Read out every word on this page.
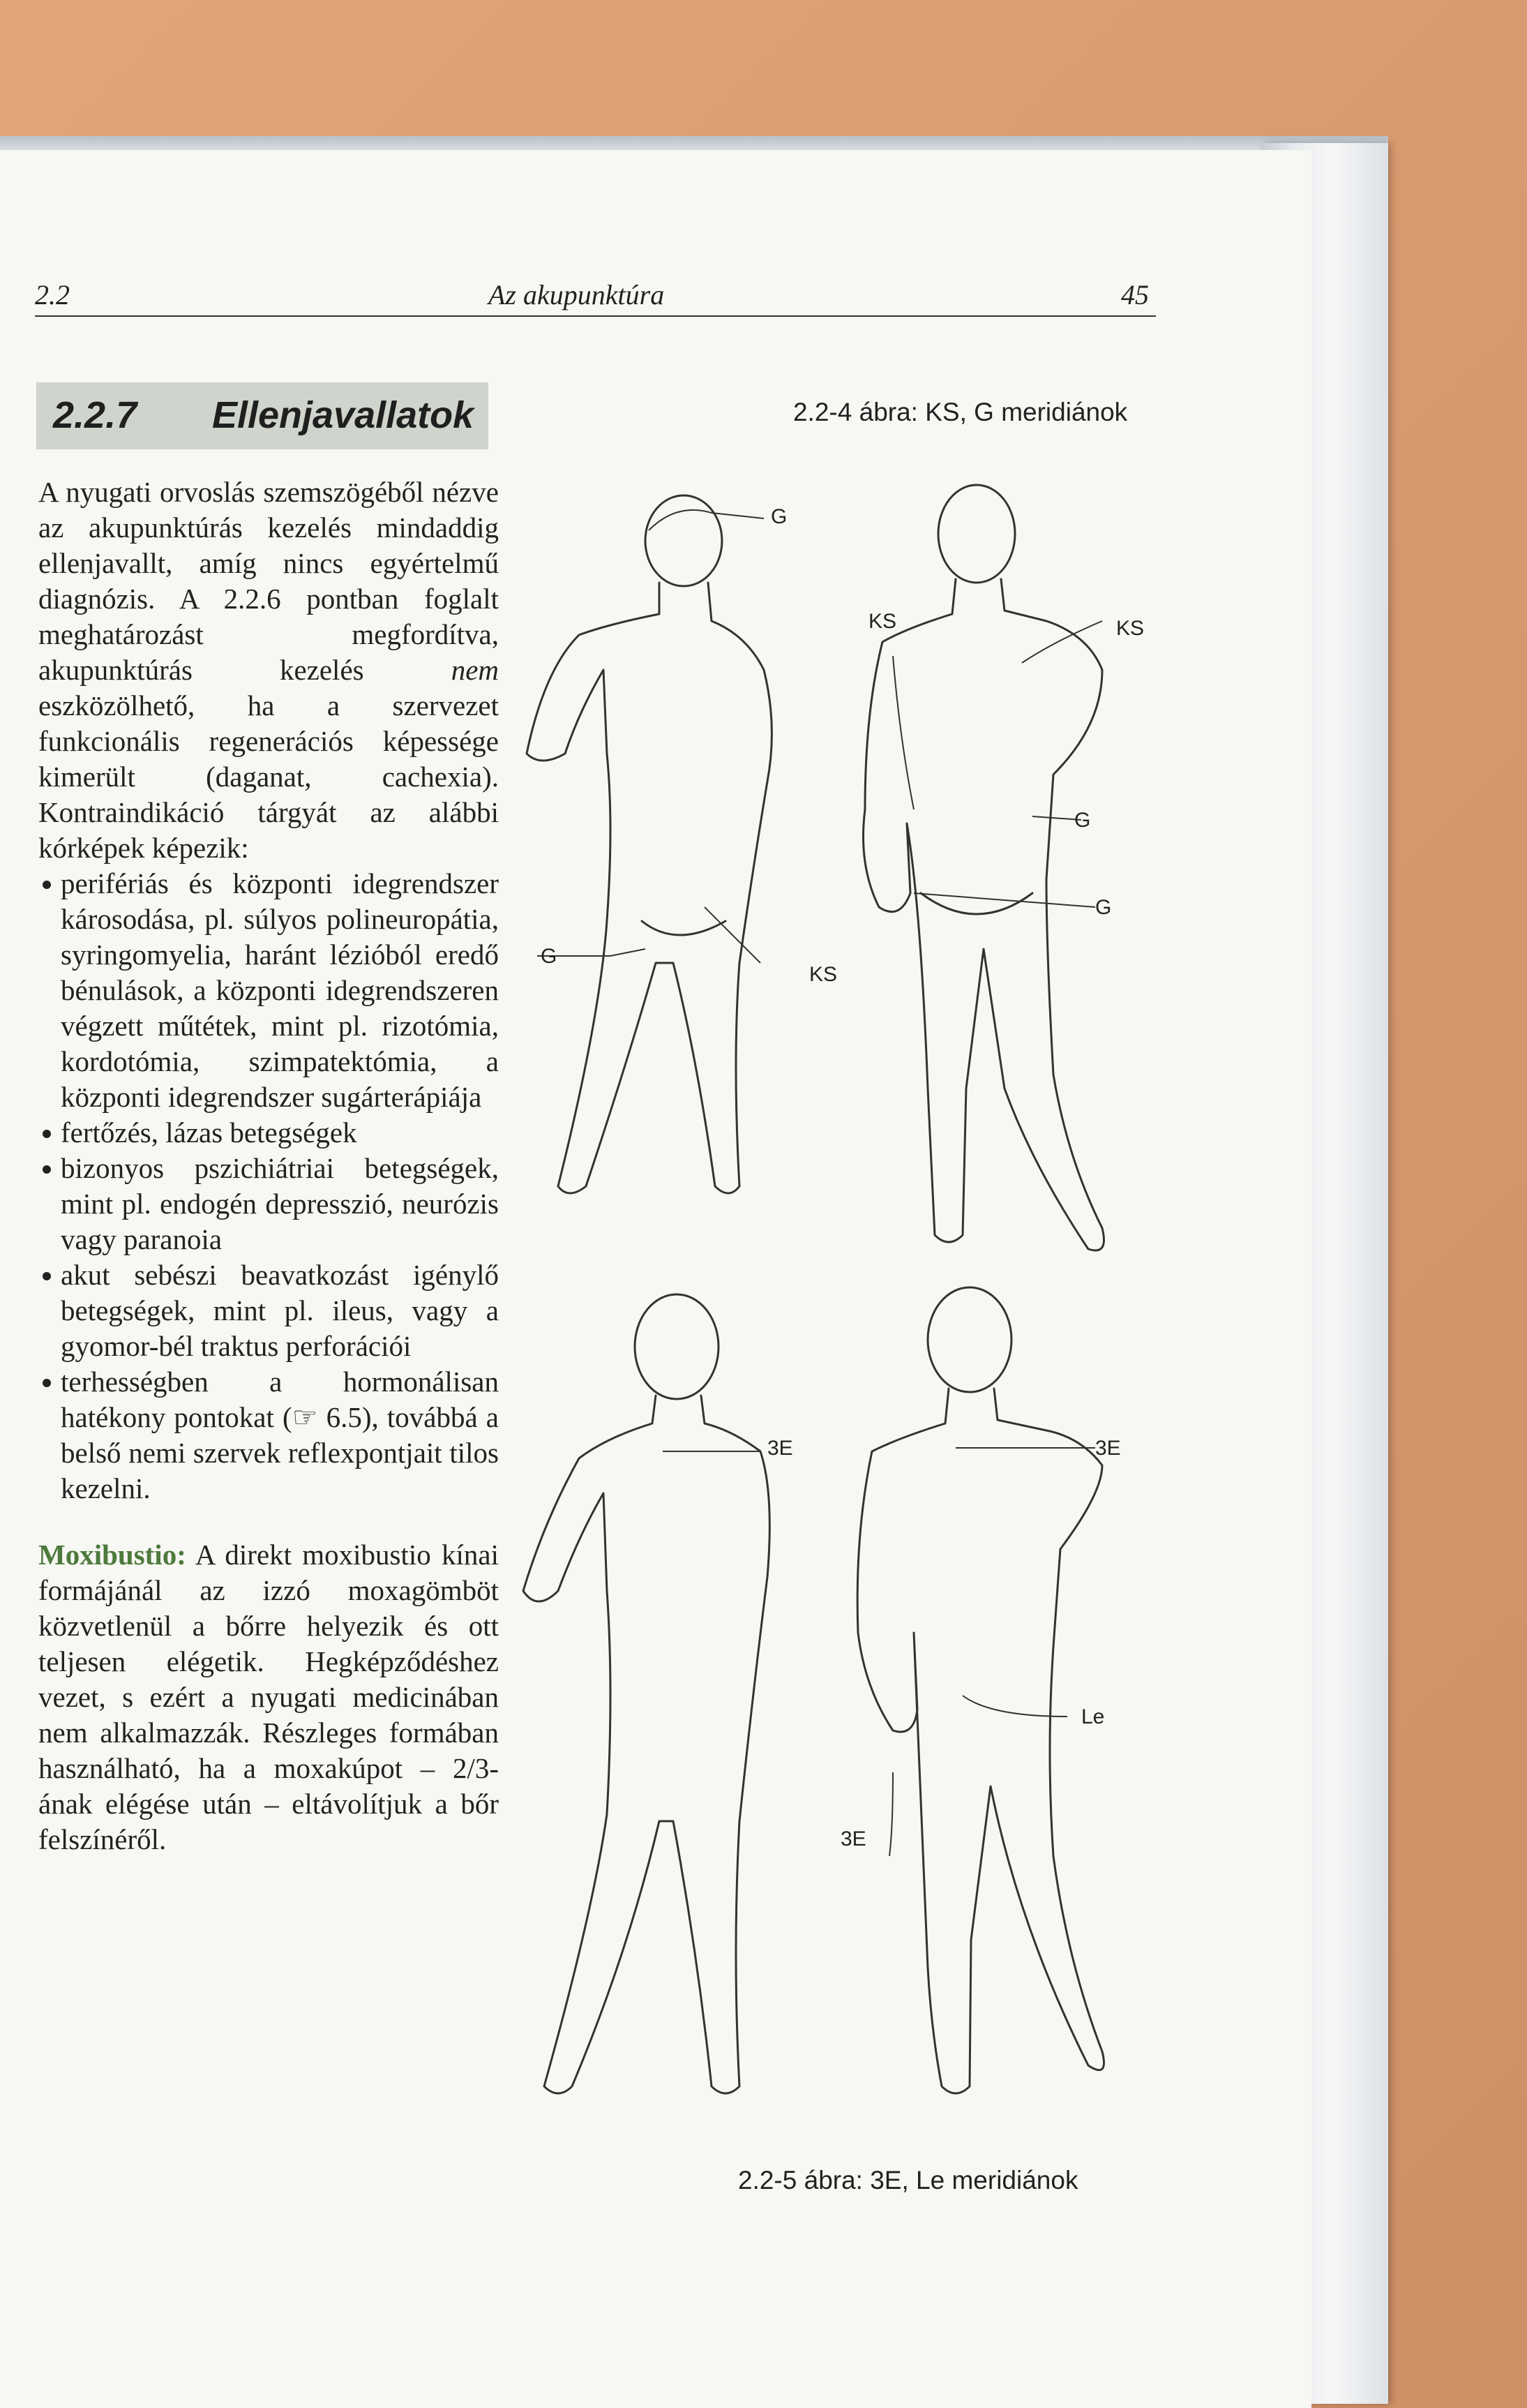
2.2	Az akupunktúra	45
2.2.7 Ellenjavallatok

A nyugati orvoslás szemszögéből nézve az akupunktúrás kezelés mindaddig ellenjavallt, amíg nincs egyértelmű diagnózis. A 2.2.6 pontban foglalt meghatározást megfordítva, akupunktúrás kezelés	nem eszközölhető, ha a szervezet funkcionális regenerációs képessége kimerült (daganat, cachexia). Kontraindikáció tárgyát az alábbi kórképek képezik:

perifériás és központi idegrendszer károsodása, pl. súlyos polineuropátia, syringomyelia, haránt lézióból eredő bénulások, a központi idegrendszeren végzett műtétek, mint pl. rizotómia, kordotómia, szimpatektómia, a központi idegrendszer sugárterápiája
fertőzés, lázas betegségek
bizonyos pszichiátriai betegségek, mint pl. endogén depresszió, neurózis vagy paranoia
akut sebészi beavatkozást igénylő betegségek, mint pl. ileus, vagy a gyomor-bél traktus perforációi
terhességben a hormonálisan hatékony pontokat (☞ 6.5), továbbá a belső nemi szervek reflexpontjait tilos kezelni.

Moxibustio: A direkt moxibustio kínai formájánál az izzó moxagömböt közvetlenül a bőrre helyezik és ott teljesen elégetik. Hegképződéshez vezet, s ezért a nyugati medicinában nem alkalmazzák. Részleges formában használható, ha a moxakúpot – 2/3-ának elégése után – eltávolítjuk a bőr felszínéről.

2.2-4 ábra: KS, G meridiánok
2.2-5 ábra: 3E, Le meridiánok
G
KS	KS
G
G
G
KS
3E	3E
Le
3E
